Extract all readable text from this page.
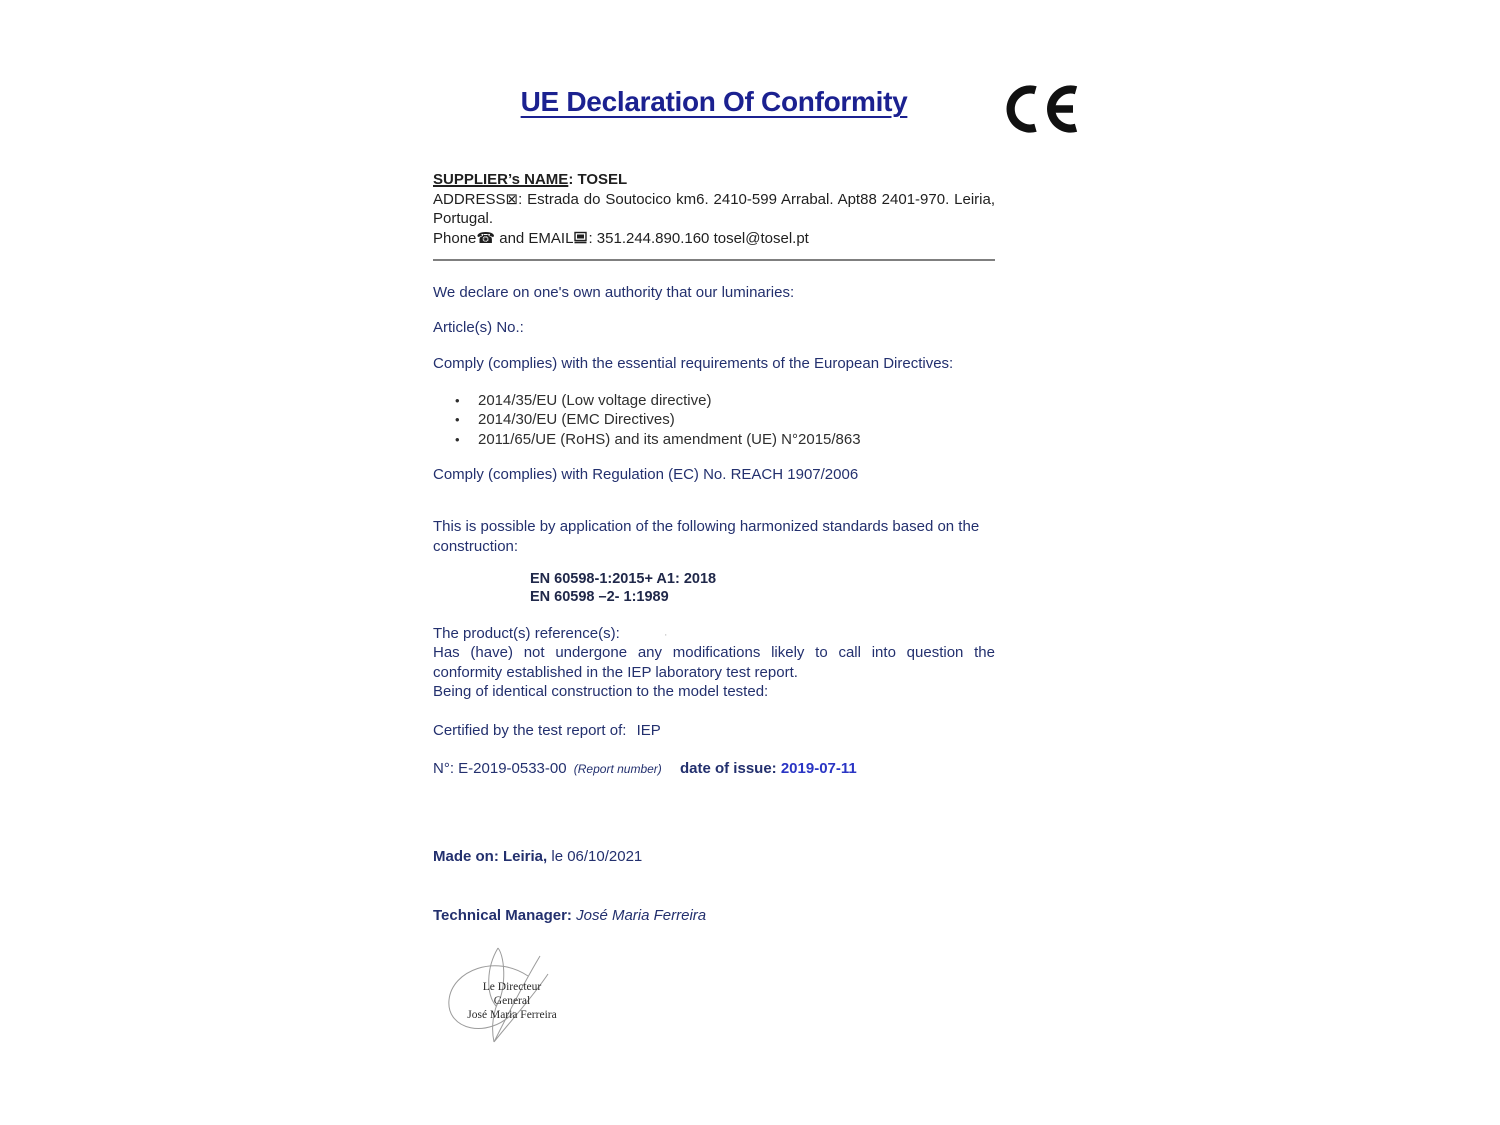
UE Declaration Of Conformity
SUPPLIER’s NAME: TOSEL
ADDRESS⊠: Estrada do Soutocico km6. 2410-599 Arrabal. Apt88 2401-970. Leiria, Portugal.
Phone☎ and EMAIL : 351.244.890.160 tosel@tosel.pt
We declare on one's own authority that our luminaries:
Article(s) No.:
Comply (complies) with the essential requirements of the European Directives:
•	2014/35/EU (Low voltage directive)
•	2014/30/EU (EMC Directives)
•	2011/65/UE (RoHS) and its amendment (UE) N°2015/863
Comply (complies) with Regulation (EC) No. REACH 1907/2006
This is possible by application of the following harmonized standards based on the construction:
EN 60598-1:2015+ A1: 2018
EN 60598 –2- 1:1989
The product(s) reference(s):	·
Has (have) not undergone any modifications likely to call into question the conformity established in the IEP laboratory test report.
Being of identical construction to the model tested:
Certified by the test report of: IEP
N°: E-2019-0533-00 (Report number) date of issue: 2019-07-11
Made on: Leiria, le 06/10/2021
Technical Manager: José Maria Ferreira
Le Directeur General
José Maria Ferreira
